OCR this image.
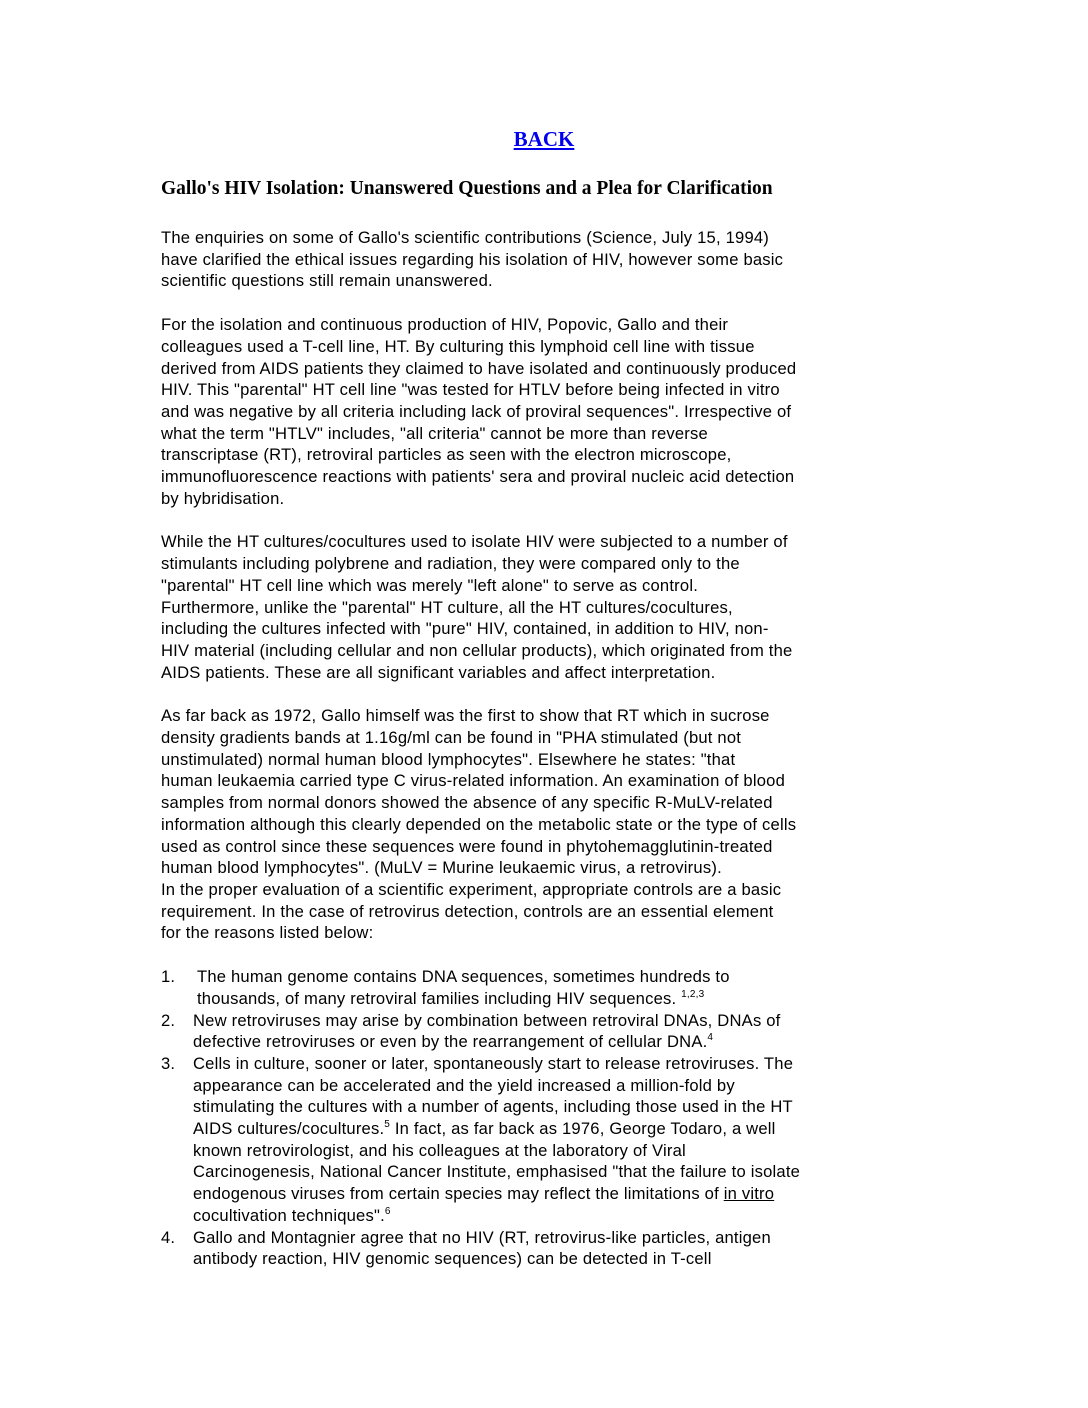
BACK
Gallo's HIV Isolation: Unanswered Questions and a Plea for Clarification

The enquiries on some of Gallo's scientific contributions (Science, July 15, 1994)
have clarified the ethical issues regarding his isolation of HIV, however some basic
scientific questions still remain unanswered.

For the isolation and continuous production of HIV, Popovic, Gallo and their
colleagues used a T-cell line, HT. By culturing this lymphoid cell line with tissue
derived from AIDS patients they claimed to have isolated and continuously produced
HIV. This "parental" HT cell line "was tested for HTLV before being infected in vitro
and was negative by all criteria including lack of proviral sequences". Irrespective of
what the term "HTLV" includes, "all criteria" cannot be more than reverse
transcriptase (RT), retroviral particles as seen with the electron microscope,
immunofluorescence reactions with patients' sera and proviral nucleic acid detection
by hybridisation.

While the HT cultures/cocultures used to isolate HIV were subjected to a number of
stimulants including polybrene and radiation, they were compared only to the
"parental" HT cell line which was merely "left alone" to serve as control.
Furthermore, unlike the "parental" HT culture, all the HT cultures/cocultures,
including the cultures infected with "pure" HIV, contained, in addition to HIV, non-
HIV material (including cellular and non cellular products), which originated from the
AIDS patients. These are all significant variables and affect interpretation.

As far back as 1972, Gallo himself was the first to show that RT which in sucrose
density gradients bands at 1.16g/ml can be found in "PHA stimulated (but not
unstimulated) normal human blood lymphocytes". Elsewhere he states: "that
human leukaemia carried type C virus-related information. An examination of blood
samples from normal donors showed the absence of any specific R-MuLV-related
information although this clearly depended on the metabolic state or the type of cells
used as control since these sequences were found in phytohemagglutinin-treated
human blood lymphocytes". (MuLV = Murine leukaemic virus, a retrovirus).

In the proper evaluation of a scientific experiment, appropriate controls are a basic
requirement. In the case of retrovirus detection, controls are an essential element
for the reasons listed below:

1. The human genome contains DNA sequences, sometimes hundreds to
thousands, of many retroviral families including HIV sequences. $^{1,2,3}$
2. New retroviruses may arise by combination between retroviral DNAs, DNAs of
defective retroviruses or even by the rearrangement of cellular DNA.$^4$
3. Cells in culture, sooner or later, spontaneously start to release retroviruses. The
appearance can be accelerated and the yield increased a million-fold by
stimulating the cultures with a number of agents, including those used in the HT
AIDS cultures/cocultures.$^5$ In fact, as far back as 1976, George Todaro, a well
known retrovirologist, and his colleagues at the laboratory of Viral
Carcinogenesis, National Cancer Institute, emphasised "that the failure to isolate
endogenous viruses from certain species may reflect the limitations of in vitro
cocultivation techniques".$^6$
4. Gallo and Montagnier agree that no HIV (RT, retrovirus-like particles, antigen
antibody reaction, HIV genomic sequences) can be detected in T-cell
